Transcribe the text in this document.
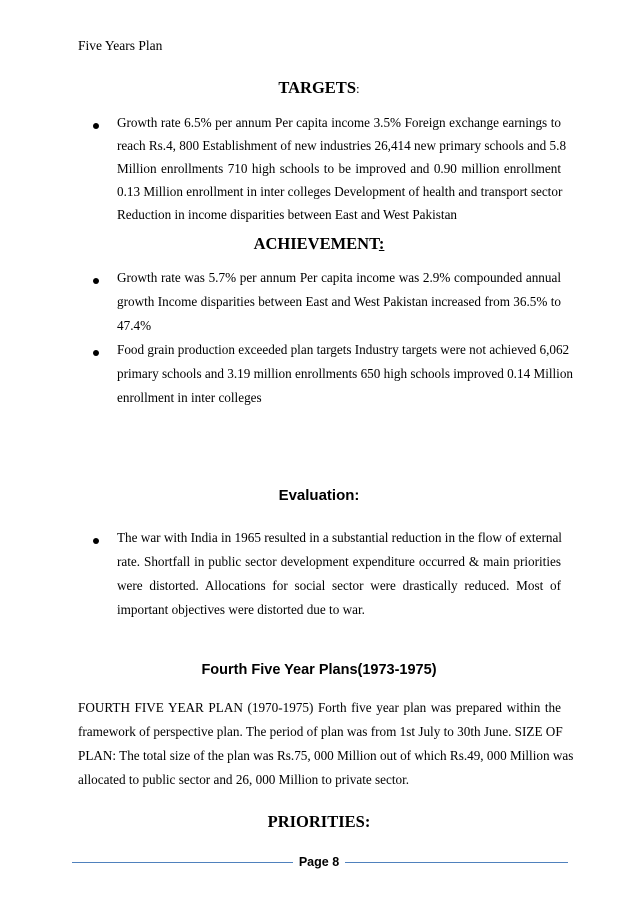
Five Years Plan
TARGETS:
Growth rate 6.5% per annum Per capita income 3.5% Foreign exchange earnings to
reach Rs.4, 800 Establishment of new industries 26,414 new primary schools and 5.8
Million enrollments 710 high schools to be improved and 0.90 million enrollment
0.13 Million enrollment in inter colleges Development of health and transport sector
Reduction in income disparities between East and West Pakistan
ACHIEVEMENT:
Growth rate was 5.7% per annum Per capita income was 2.9% compounded annual
growth Income disparities between East and West Pakistan increased from 36.5% to
47.4%
Food grain production exceeded plan targets Industry targets were not achieved 6,062
primary schools and 3.19 million enrollments 650 high schools improved 0.14 Million
enrollment in inter colleges
Evaluation:
The war with India in 1965 resulted in a substantial reduction in the flow of external
rate. Shortfall in public sector development expenditure occurred & main priorities
were distorted. Allocations for social sector were drastically reduced. Most of
important objectives were distorted due to war.
Fourth Five Year Plans(1973-1975)
FOURTH FIVE YEAR PLAN (1970-1975) Forth five year plan was prepared within the
framework of perspective plan. The period of plan was from 1st July to 30th June. SIZE OF
PLAN: The total size of the plan was Rs.75, 000 Million out of which Rs.49, 000 Million was
allocated to public sector and 26, 000 Million to private sector.
PRIORITIES:
Page 8
